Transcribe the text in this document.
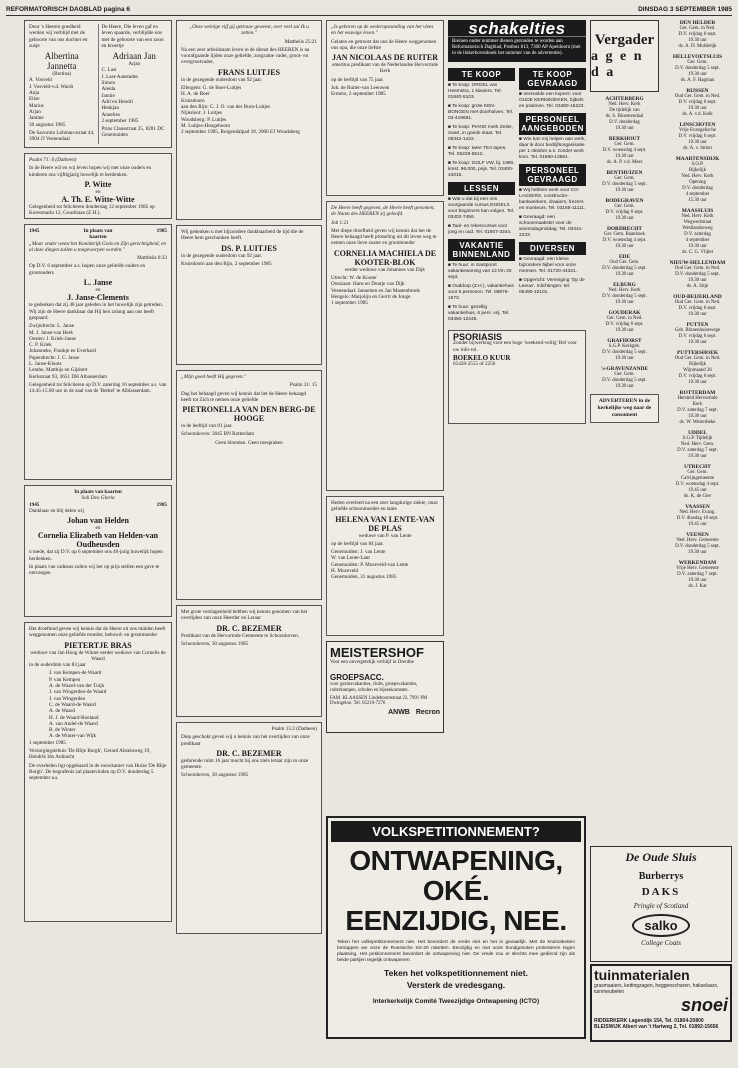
REFORMATORISCH DAGBLAD pagina 6	DINSDAG 3 SEPTEMBER 1985

Door 's Heeren goedheid werden wij verblijd met de geboorte van ons dochter en zusje

Albertina Jannetta
(Bertina)
A. Vosveld
J. Vosveld-v.d. Wardt
Anja
Elise
Marius
Arjan
Jantine

30 augustus 1985

De Savornin Lohman-straat 44, 3904 JJ Veenendaal

De Heere, Die leven gaf en leven spaarde, verblijdde ons met de geboorte van een zoon en broertje

Adriaan Jan
Arjan
C. Last
J. Last-Aanstades
Simon
Aleida
Jannie
Adri en Hendri
Henkjan
Annelies

2 september 1985

Prins Clausstraat 25, 8281 DC Genemuiden

Psalm 71: 6 (Datheen)

In de Heere wil en wij leven hopen wij met onze ouders en kinderen ons vijftigjarig huwelijk te herdenken.

P. Witte
en
A. Th. E. Witte-Witte

Gelegenheid tot feliciteren donderdag 12 september 1985 op Korenmarkt 12, Goudriaan (Z.H.).

1945	In plaats van kaarten
1985

„Maar onder weest het Koninkrijk Gods en Zijn gerechtigheid, en al deze dingen zullen u toegeworpen worden."

Mattheüs 6:33

Op D.V. 6 september a.s. hopen onze geliefde ouders en grootouders

L. Janse
en
J. Janse-Clements

te gedenken dat zij 40 jaar geleden in het huwelijk zijn getreden. Wij zijn de Heere dankbaar dat Hij hen zolang aan ons heeft gespaard.

Zwijndrecht: L. Janse
M. J. Janse-van Herk
Oosten: J. Kriek-Janse
C. P. Kriek
Johanneke, Frankje en Everhard
Papendrecht: J. C. Janse
L. Janse-Kloots
Lenthe, Matthijs en Gijsbert

Kerkstraat 93, 3651 DH Albasserdam

Gelegenheid tot feliciteren op D.V. zaterdag 10 september a.s. van 14.45-15.00 uur in de zaal van de 'Bethel' te Alblasserdam.

In plaats van kaarten
Soli Deo Gloria
1945	1985

Dankbaar en blij delen wij

Johan van Helden
en
Cornelia Elizabeth van Helden-van Oudheusden

u mede, dat zij D.V. op 6 september ons 40-jarig huwelijk hopen herdenken.

In plaats van cadeaus zullen wij het op prijs stellen een gave te ontvangen

Het droeftend geven wij kennis dat de Heere uit ons midden heeft weggenomen onze geliefde moeder, behuwd- en grootmoeder

PIETERTJE BRAS
weduwe van Jan Hoog de Winter eerder weduwe van Cornelis de Waard

in de ouderdom van 83 jaar

J. van Kempen-de Waard
P. van Kempen
A. de Waard-van der Tuijk
J. van Wingerden-de Waard
J. van Wingerden
C. de Waard-de Waard
A. de Waard
H. J. de Waard-Roeland
A. van Andel-de Waard
B. de Winter
A. de Winter-van Wijk

1 september 1985

Verzorgingstehuis 'De Blije Borgh', Gerard Alsteinweg 19, Hendrik Ido Ambacht

De overleden ligt opgebaard in de rouwkamer van Huize 'De Blije Borgh'. De begrafenis zal plaatsvinden op D.V. donderdag 5 september a.s.

„Onze weinige vijf gij getrouw geweest, over veel zal Ik u zetten."

Mattheüs 25:21

Na een zeer arbeidzaam leven in de dienst des HEEREN is na voorafgaande lijden onze geliefde, zorgzame vader, groot- en overgrootvader,

FRANS LUITJES

in de gezegende ouderdom van 92 jaar.

Ellergem: G. de Boer-Luitjes
H. A. de Boer
Kruisdoorn
aan den Rijn: C. J. O. van der Burn-Luitjes
Nijnsloot: J. Luitjes
Woudsberg: P. Luitjes
M. Luitjes-Hoogeboom

2 september 1985, Ruigendalpad 18, 2000 EJ Woudsberg

Wij gedenken u met bijzondere dankbaarheid de tijd die de Heere hem geschonken heeft.

DS. P. LUITJES

in de gezegende ouderdom van 92 jaar.

Kruisdoorn aan den Rijn, 2 september 1985

„Mijn goed heeft Hij gegeven."

Psalm 31: 15

Dag het behaagd geven wij kennis dat het de Heere behaagd heeft tot Zich te nemen onze geliefde

PIETRONELLA VAN DEN BERG-DE HOOGE

in de leeftijd van 81 jaar.

Schoonhoven: 3045 BN Rotterdam

Geen bloemen. Geen toespraken

Met grote verslagenheid hebben wij kennis genomen van het overlijden van onze Heerder en Leraar

DR. C. BEZEMER

Predikant van de Hervormde Gemeente te Schoonhoven.

Schoonhoven, 30 augustus 1985

Psalm 15:2 (Datheen)

Diep geschokt geven wij u kennis van het overlijden van onze predikant

DR. C. BEZEMER

gedurende ruim 16 jaar mocht hij ons ziels leraar zijn in onze gemeente.

Schoonhoven, 30 augustus 1985

„Is geboren op de wederopstanding van het vlees en het eeuwige leven."

Gelaten en getroost dat ons de Heere weggenomen ons opa, die onze liefste

JAN NICOLAAS DE RUITER

emeritus predikant van de Nederlandse Hervormde Kerk

op de leeftijd van 75 jaar.

Joh. de Ruiter-van Leeuwen

Ermelo, 2 september 1985

De Heere heeft gegeven, de Heere heeft genomen; de Naam des HEEREN zij geloofd.

Job 1:21

Met diepe droefheid geven wij kennis dat het de Heere behaagd heeft plotseling uit dit leven weg te nemen onze lieve zuster en grootmoeder

CORNELIA MACHIELA DE KOOTER-BLOK

eerder weduwe van Johannes van Dijk

Utrecht: W. de Kooter
Oostzaan: Hans en Doutje van Dijk
Veenendaal: Jannetten en Jan Mastenbroek
Hengelo: Marjolijn en Gerrit de Jonge

1 september 1985

Heden overleed na een zeer langdurige ziekte, onze geliefde schoonmoeder en tante

HELENA VAN LENTE-VAN DE PLAS

weduwe van P. van Lente

op de leeftijd van 84 jaar.

Genemuiden: J. van Lente
W. van Lente-Lant
Genemuiden: P. Mozeveld-van Lente
H. Mozeveld

Genemuiden, 31 augustus 1985

MEISTERSHOF
Voor een onvergetelijk verblijf in Drenthe
GROEPSACC.
voor gezinsvakanties, clubs, groepsvakanties, ruiterkampen, scholen en bijeenkomsten.
FAM. KLAASSEN Lindeboomstraat 22, 7991 PM Dwingeloo, Tel. 05210-7276
ANWB Recron
schakelties
Breinen onder nummer dienen gezonden te worden aan Reformatorisch Dagblad, Postbus 813, 7300 AP Apeldoorn (met in de linkerbovenhoek het nummer van de advertentie).
TE KOOP
■ Te koop: ORGEL van Heemstra, 1 klaviers. Tel. 01840-5103.
■ Te koop: grote KEN-BONGEN met doorhalven. Tel. 03-419681.
■ Te koop: PIANO merk Zeiler, zwart, in goede staat. Tel. 08342-1422.
■ Te koop: twee TEA tapes, Tel. 05228-6512.
■ Te koop: GOLF VW, bj. 1980, kmst. 96.000, prijs. Tel. 03400-44016.
LESSEN
■ Wat u dat bij een ons voorgaande cursus ENGELS voor beginners kan volgen. Tel. 03402-7456.
■ Taal- en rekencursus voor jong en oud. Tel. 01807-3344.
VAKANTIE BINNENLAND
■ Te huur: in Santpoort vakantiewoning van 12 t/m 20 sept.
■ Ouddorp (Z.H.), vakantiehuis voor 6 personen. Tel. 08876-1573.
■ Te huur: gezellig vakantiehuis, 6 pers. vrij. Tel. 03450-12345.
TE KOOP GEVRAAGD
■ Versnelde een kopers: voor OUDE KERKBOEKEN, bijbels en psalmen. Tel. 03480-16223.
PERSONEEL AANGEBODEN
■ Wie kan mij helpen aan werk, daar ik door bedrijfsorganisatie per 1 oktober a.s. zonder werk kom. Tel. 01860-13881.
PERSONEEL GEVRAAGD
■ Wij hebben werk voor CO-LASSERS, constructie-bankwerkers, draaiers, frezers en monteurs. Tel. 03185-11111.
■ Gevraagd: een schoonmaakster voor de woensdagmiddag. Tel. 03441-2233.
DIVERSEN
■ Gevraagd: een kleine bijzondere bijbel voor onze mensen. Tel. 01720-44321.
■ Opgericht: Vereniging 'Op de Leeuw'. Inlichtingen: tel. 05490-10101.
PSORIASIS

Zonder bijwerking voor een hoge 'weekend-veilig' Bel voor uw info-rol.

BOEKELO KUUR
05428-2555 of 2256
Vergader
a g e n d a
ACHTERBERG
Ned. Herv. Kerk
De tijdelijk van
ds. S. Bloemendaal
D.V. donderdag
19.30 uur
BERKHOUT
Ger. Gem.
D.V. woensdag 4 sept.
19.30 uur
ds. A. P. v.d. Meer
BENTHUIZEN
Ger. Gem.
D.V. donderdag 5 sept.
19.30 uur
BODEGRAVEN
Ger. Gem.
D.V. vrijdag 6 sept.
19.30 uur
DORDRECHT
Ger. Gem. Baanhoek
D.V. woensdag 4 sept.
19.30 uur
EDE
Oud Ger. Gem.
D.V. donderdag 5 sept.
19.30 uur
ELBURG
Ned. Herv. Kerk
D.V. donderdag 5 sept.
19.30 uur
GOUDERAK
Ger. Gem. in Ned.
D.V. vrijdag 6 sept.
19.30 uur
GRAFHORST
S.G.P. Kerkgeb.
D.V. donderdag 5 sept.
19.30 uur
's-GRAVENZANDE
Ger. Gem.
D.V. donderdag 5 sept.
19.30 uur
ADVERTEREN in de kerkelijke weg naar de consument
DEN HELDER
Ger. Gem. in Ned.
D.V. vrijdag 6 sept.
19.30 uur
ds. A. D. Mulderijk
HELLEVOETSLUIS
Ger. Gem.
D.V. donderdag 5 sept.
19.30 uur
ds. A. F. Hagman
RIJSSEN
Oud Ger. Gem. in Ned.
D.V. vrijdag 6 sept.
19.30 uur
ds. A. v.d. Kolk
LINSCHOTEN
Vrije Evangelische
D.V. vrijdag 6 sept.
19.30 uur
ds. A. v. Strien
MAARTENSDIJK
S.O.P.
Rijkelijk
Ned. Herv. Kerk
Opening
D.V. donderdag
4 september
15.30 uur
MAASSLUIS
Ned. Herv. Kerk
Wegwedstraat
Westlandseweg
D.V. zaterdag
4 september
19.30 uur
ds. C. G. Vlijlet
NIEUW-HELLENDAM
Oud Ger. Gem. in Ned.
D.V. donderdag 5 sept.
19.30 uur
ds. A. Stijn
OUD-BEIJERLAND
Oud Ger. Gem. in Ned.
D.V. vrijdag 6 sept.
19.30 uur
PUTTEN
Geb. Binnenhuisewege
D.V. vrijdag 6 sept.
19.30 uur
PUTTERSHOEK
Oud Ger. Gem. in Ned.
Rijkelijk
Wijnmaand 26
D.V. vrijdag 6 sept.
19.30 uur
ROTTERDAM
Hersteld Hervormde
Kerk
D.V. zaterdag 7 sept.
19.30 uur
ds. W. Westerbeke
UDDEL
S.G.P. Tijdelijk
Ned. Herv. Gem.
D.V. zaterdag 7 sept.
19.30 uur
UTRECHT
Ger. Gem.
Calvijngemeente
D.V. woensdag 4 sept.
19.45 uur
ds. K. de Gier
VAASSEN
Ned. Herv. Evang.
D.V. dinsdag 10 sept.
19.45 uur
VEENEN
Ned. Herv. Gemeente
D.V. donderdag 5 sept.
19.30 uur
WERKENDAM
Vrije Herv. Gemeente
D.V. zaterdag 7 sept.
19.30 uur
ds. J. Kat
VOLKSPETITIONNEMENT?
ONTWAPENING, OKÉ.
EENZIJDIG, NEE.
Teken het volkspetitionnement niet. Het bevordert de vrede niet en het is gevaarlijk. Met de kruisraketten betrappen we onze de Russische SS-20 raketten. Eenzijdig en niet onze bondgenoten protesteren tegen plaatsing. Het petitionnement bevordert de ontwapening niet. De vrede zou er slechts mee gediend zijn als beide partijen tegelijk ontwapenen.
Teken het volkspetitionnement niet.
Versterk de vredesgang.
Interkerkelijk Comité Tweezijdige Ontwapening (ICTO)
De Oude Sluis
Burberrys
DAKS
Pringle of Scotland
salko
College Coats
tuinmaterialen
grasmaaiers, kettingzagen, heggenscharen, hakselaars, tuinmeubelen
snoei
RIDDERKERK Lagendijk 154, Tel. 01804-20800
BLEISWIJK Albert van 't Hartweg 2, Tel. 01892-15656
